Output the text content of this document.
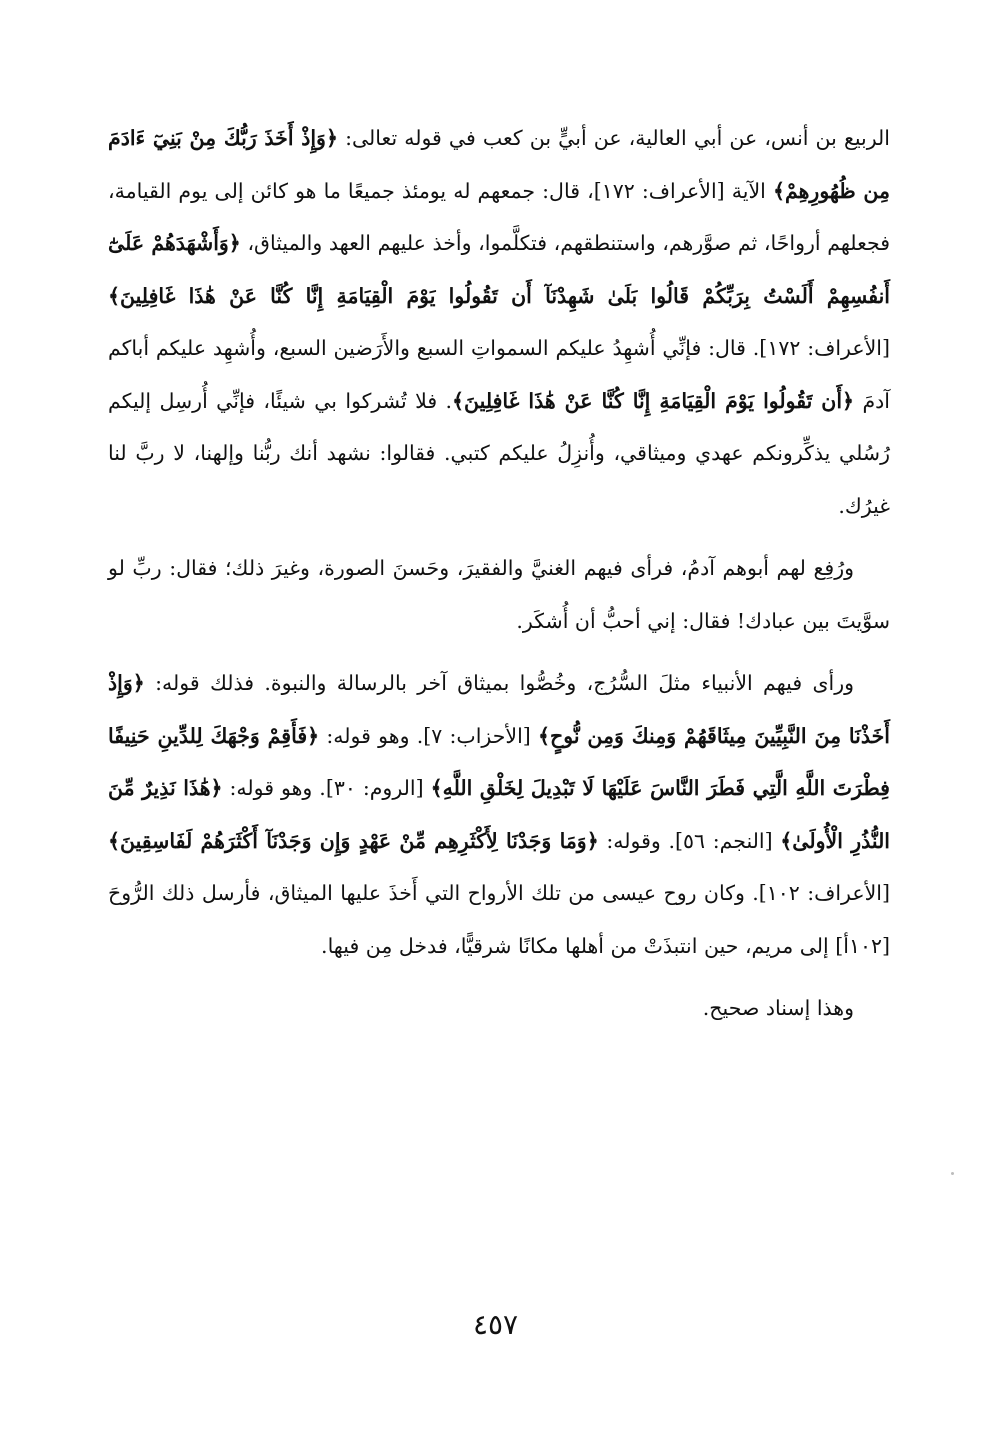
الربيع بن أنس، عن أبي العالية، عن أبيٍّ بن كعب في قوله تعالى: ﴿وَإِذْ أَخَذَ رَبُّكَ مِنْ بَنِيٓ ءَادَمَ مِن ظُهُورِهِمْ﴾ الآية [الأعراف: ١٧٢]، قال: جمعهم له يومئذ جميعًا ما هو كائن إلى يوم القيامة، فجعلهم أرواحًا، ثم صوَّرهم، واستنطقهم، فتكلَّموا، وأخذ عليهم العهد والميثاق، ﴿وَأَشْهَدَهُمْ عَلَىٰٓ أَنفُسِهِمْ أَلَسْتُ بِرَبِّكُمْ قَالُوا بَلَىٰ شَهِدْنَآ أَن تَقُولُوا يَوْمَ الْقِيَامَةِ إِنَّا كُنَّا عَنْ هَٰذَا غَافِلِينَ﴾ [الأعراف: ١٧٢]. قال: فإنِّي أُشهِدُ عليكم السمواتِ السبع والأَرَضين السبع، وأُشهِد عليكم أباكم آدمَ ﴿أَن تَقُولُوا يَوْمَ الْقِيَامَةِ إِنَّا كُنَّا عَنْ هَٰذَا غَافِلِينَ﴾. فلا تُشركوا بي شيئًا، فإنِّي أُرسِل إليكم رُسُلي يذكِّرونكم عهدي وميثاقي، وأُنزِلُ عليكم كتبي. فقالوا: نشهد أنك ربُّنا وإلهنا، لا ربَّ لنا غيرُك.

ورُفِع لهم أبوهم آدمُ، فرأى فيهم الغنيَّ والفقيرَ، وحَسنَ الصورة، وغيرَ ذلك؛ فقال: ربِّ لو سوَّيتَ بين عبادك! فقال: إني أحبُّ أن أُشكَر.

ورأى فيهم الأنبياء مثلَ السُّرُج، وخُصُّوا بميثاق آخر بالرسالة والنبوة. فذلك قوله: ﴿وَإِذْ أَخَذْنَا مِنَ النَّبِيِّينَ مِيثَاقَهُمْ وَمِنكَ وَمِن نُّوحٍ﴾ [الأحزاب: ٧]. وهو قوله: ﴿فَأَقِمْ وَجْهَكَ لِلدِّينِ حَنِيفًا فِطْرَتَ اللَّهِ الَّتِي فَطَرَ النَّاسَ عَلَيْهَا لَا تَبْدِيلَ لِخَلْقِ اللَّهِ﴾ [الروم: ٣٠]. وهو قوله: ﴿هَٰذَا نَذِيرٌ مِّنَ النُّذُرِ الْأُولَىٰ﴾ [النجم: ٥٦]. وقوله: ﴿وَمَا وَجَدْنَا لِأَكْثَرِهِم مِّنْ عَهْدٍ وَإِن وَجَدْنَآ أَكْثَرَهُمْ لَفَاسِقِينَ﴾ [الأعراف: ١٠٢]. وكان روح عيسى من تلك الأرواح التي أَخذَ عليها الميثاق، فأرسل ذلك الرُّوحَ [١٠٢أ] إلى مريم، حين انتبذَتْ من أهلها مكانًا شرقيًّا، فدخل مِن فيها.

وهذا إسناد صحيح.

٤٥٧
